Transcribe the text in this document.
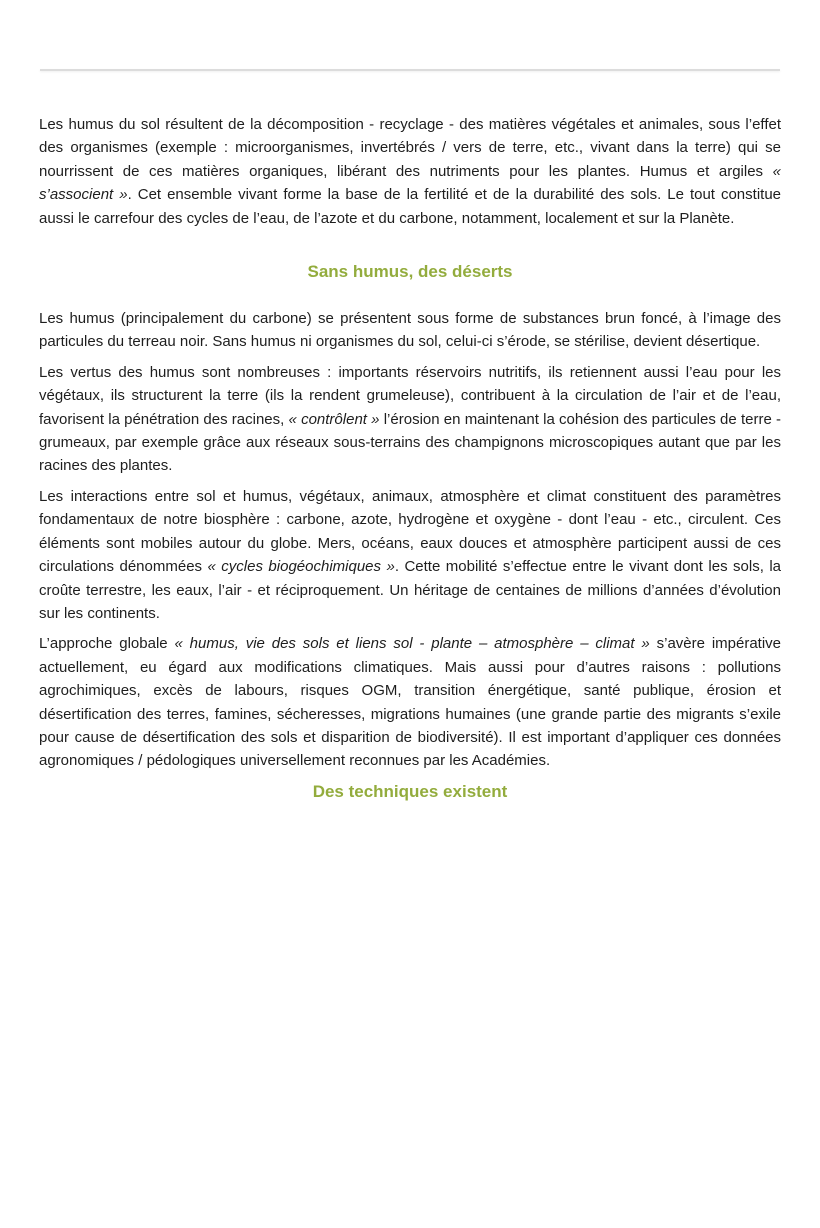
Les humus du sol résultent de la décomposition - recyclage - des matières végétales et animales, sous l’effet des organismes (exemple : microorganismes, invertébrés / vers de terre, etc., vivant dans la terre) qui se nourrissent de ces matières organiques, libérant des nutriments pour les plantes. Humus et argiles « s’associent ». Cet ensemble vivant forme la base de la fertilité et de la durabilité des sols. Le tout constitue aussi le carrefour des cycles de l’eau, de l’azote et du carbone, notamment, localement et sur la Planète.

Sans humus, des déserts

Les humus (principalement du carbone) se présentent sous forme de substances brun foncé, à l’image des particules du terreau noir. Sans humus ni organismes du sol, celui-ci s’érode, se stérilise, devient désertique.

Les vertus des humus sont nombreuses : importants réservoirs nutritifs, ils retiennent aussi l’eau pour les végétaux, ils structurent la terre (ils la rendent grumeleuse), contribuent à la circulation de l’air et de l’eau, favorisent la pénétration des racines, « contrôlent » l’érosion en maintenant la cohésion des particules de terre - grumeaux, par exemple grâce aux réseaux sous-terrains des champignons microscopiques autant que par les racines des plantes.

Les interactions entre sol et humus, végétaux, animaux, atmosphère et climat constituent des paramètres fondamentaux de notre biosphère : carbone, azote, hydrogène et oxygène - dont l’eau - etc., circulent. Ces éléments sont mobiles autour du globe. Mers, océans, eaux douces et atmosphère participent aussi de ces circulations dénommées « cycles biogéochimiques ». Cette mobilité s’effectue entre le vivant dont les sols, la croûte terrestre, les eaux, l’air - et réciproquement. Un héritage de centaines de millions d’années d’évolution sur les continents.

L’approche globale « humus, vie des sols et liens sol - plante – atmosphère – climat » s’avère impérative actuellement, eu égard aux modifications climatiques. Mais aussi pour d’autres raisons : pollutions agrochimiques, excès de labours, risques OGM, transition énergétique, santé publique, érosion et désertification des terres, famines, sécheresses, migrations humaines (une grande partie des migrants s’exile pour cause de désertification des sols et disparition de biodiversité). Il est important d’appliquer ces données agronomiques / pédologiques universellement reconnues par les Académies.

Des techniques existent
